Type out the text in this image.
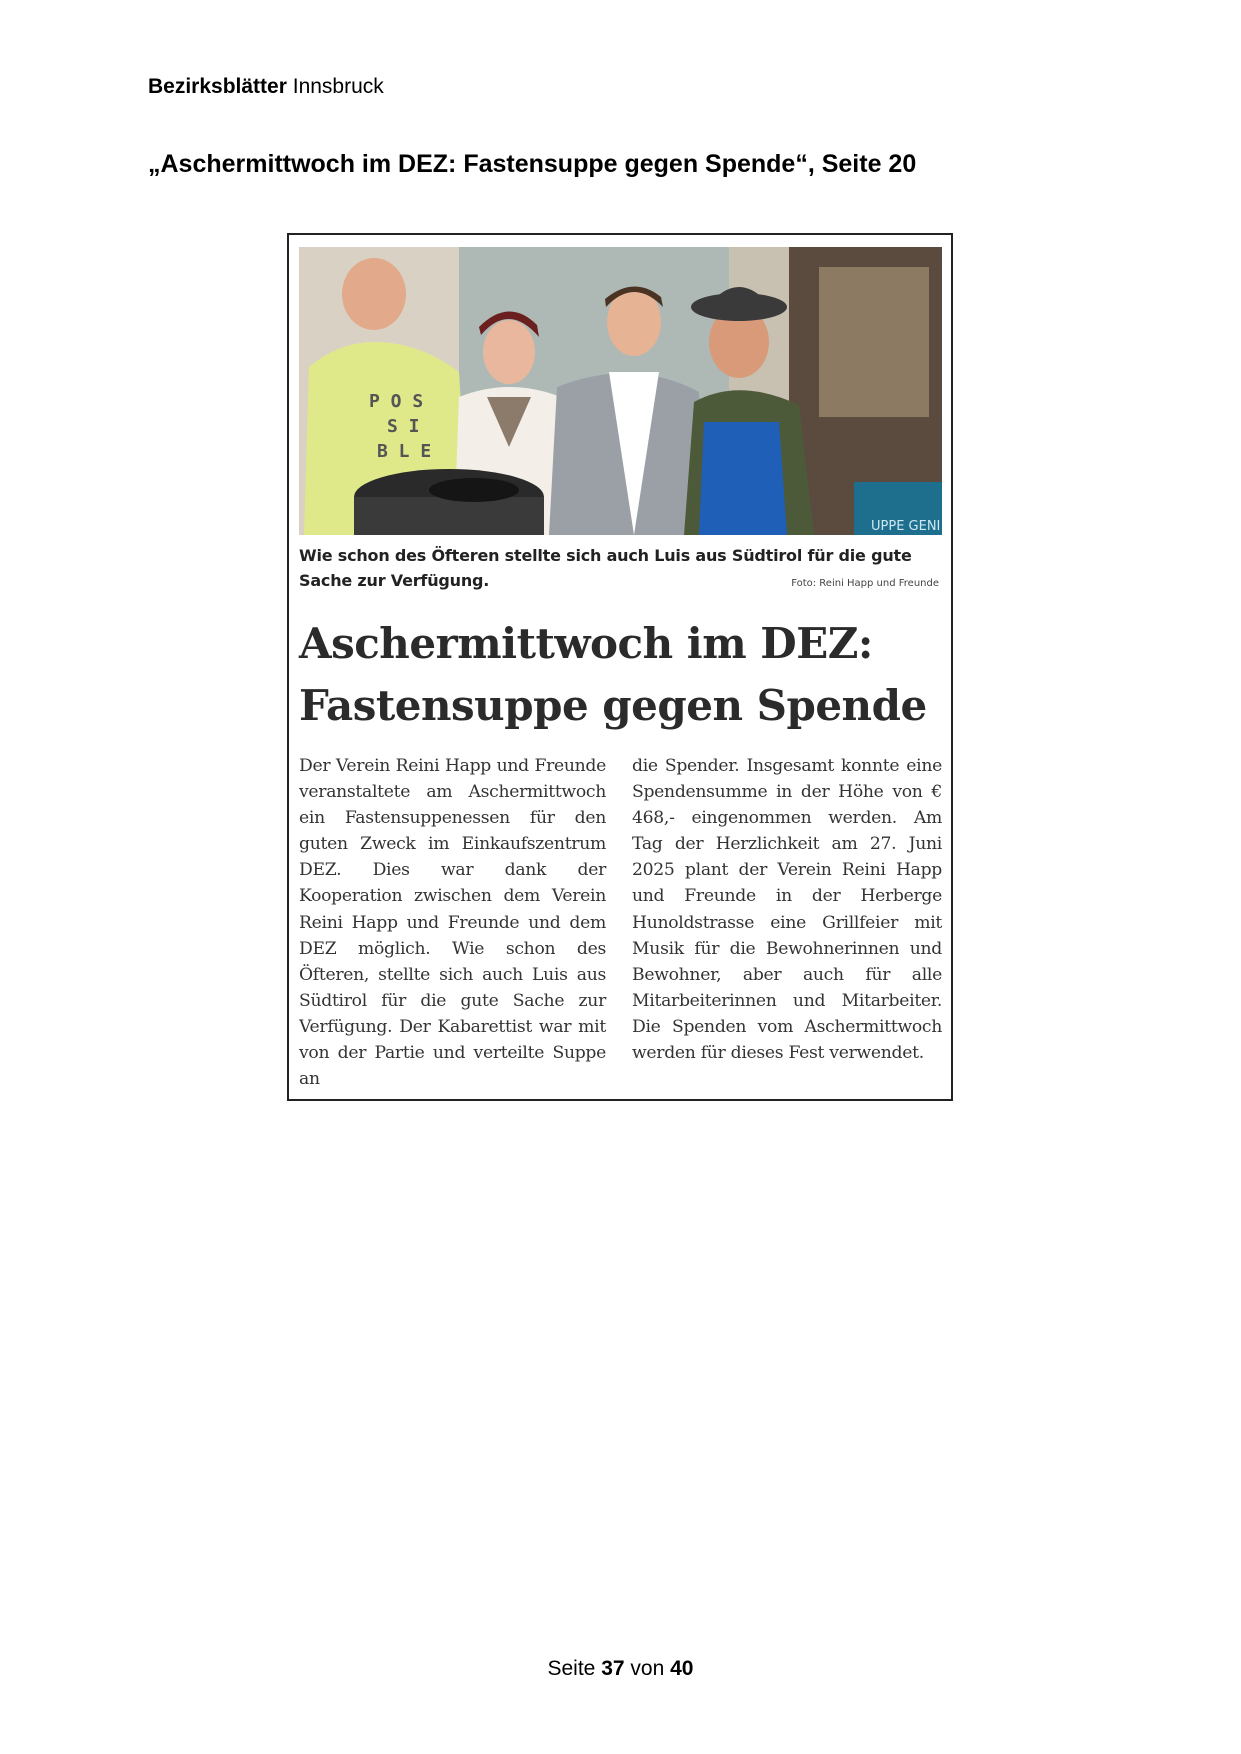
Bezirksblätter Innsbruck
„Aschermittwoch im DEZ: Fastensuppe gegen Spende“, Seite 20
UPPE GENI
P O S
S I
B L E
Wie schon des Öfteren stellte sich auch Luis aus Südtirol für die gute Sache zur Verfügung.	Foto: Reini Happ und Freunde
Aschermittwoch im DEZ:
Fastensuppe gegen Spende
Der Verein Reini Happ und Freunde veranstaltete am Aschermittwoch ein Fastensuppenessen für den guten Zweck im Einkaufszentrum DEZ. Dies war dank der Kooperation zwischen dem Verein Reini Happ und Freunde und dem DEZ möglich. Wie schon des Öfteren, stellte sich auch Luis aus Südtirol für die gute Sache zur Verfügung. Der Kabarettist war mit von der Partie und verteilte Suppe an
die Spender. Insgesamt konnte eine Spendensumme in der Höhe von € 468,- eingenommen werden. Am Tag der Herzlichkeit am 27. Juni 2025 plant der Verein Reini Happ und Freunde in der Herberge Hunoldstrasse eine Grillfeier mit Musik für die Bewohnerinnen und Bewohner, aber auch für alle Mitarbeiterinnen und Mitarbeiter. Die Spenden vom Aschermittwoch werden für dieses Fest verwendet.
Seite 37 von 40
